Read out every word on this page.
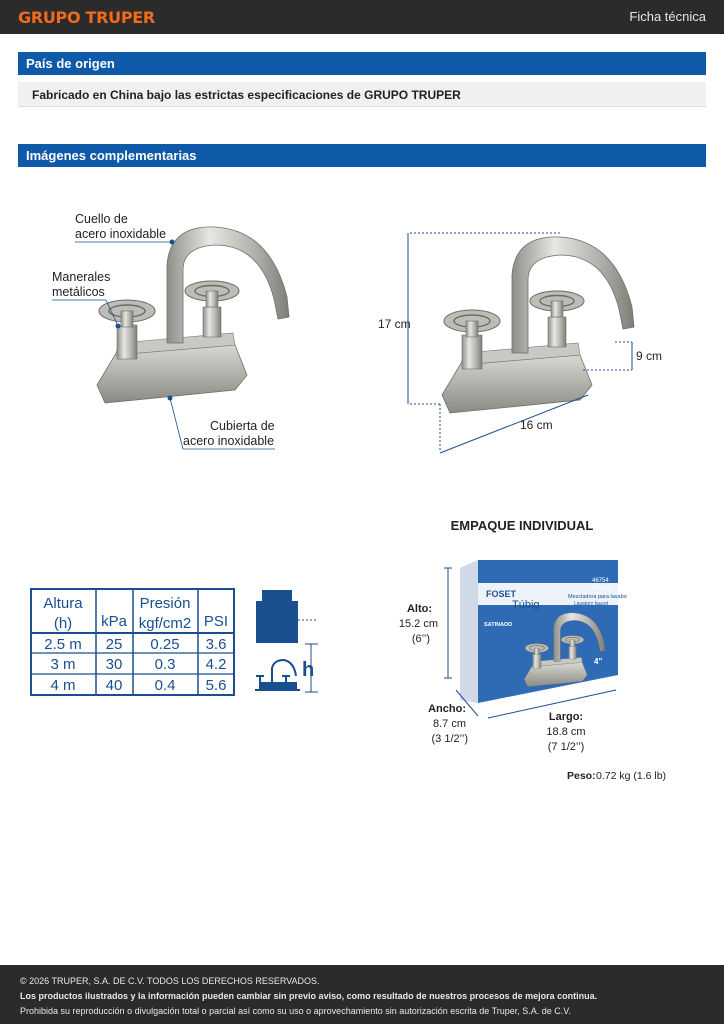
GRUPO TRUPER	Ficha técnica
País de origen
Fabricado en China bajo las estrictas especificaciones de GRUPO TRUPER
Imágenes complementarias
Cuello de
acero inoxidable
Manerales
metálicos
Cubierta de
acero inoxidable
17 cm
9 cm
16 cm
Altura
(h) kPa
Presión
kgf/cm2 PSI
2.5 m 25 0.25 3.6
3 m 30 0.3 4.2
4 m 40 0.4 5.6
h
EMPAQUE INDIVIDUAL
FOSET
Túbig
46754
TBM-876
Mezcladora para lavabo
Lavatory faucet
SATINADO
4"
Alto:
15.2 cm
(6’’)
Ancho:
8.7 cm
(3 1/2’’)
Largo:
18.8 cm
(7 1/2’’)
Peso: 0.72 kg (1.6 lb)
© 2026 TRUPER, S.A. DE C.V. TODOS LOS DERECHOS RESERVADOS.
Los productos ilustrados y la información pueden cambiar sin previo aviso, como resultado de nuestros procesos de mejora continua.
Prohibida su reproducción o divulgación total o parcial así como su uso o aprovechamiento sin autorización escrita de Truper, S.A. de C.V.
